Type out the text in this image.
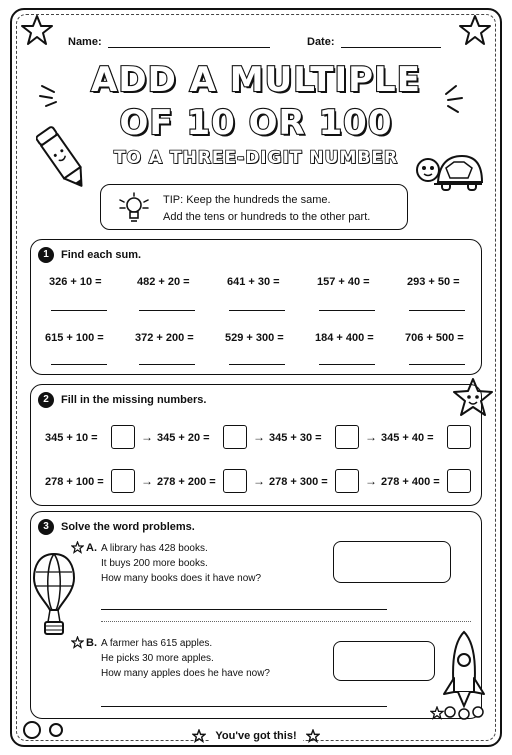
Name:	Date:
ADD A MULTIPLE
OF 10 OR 100
TO A THREE-DIGIT NUMBER
TIP: Keep the hundreds the same.
Add the tens or hundreds to the other part.
1	Find each sum.
326 + 10 =	482 + 20 =	641 + 30 =	157 + 40 =	293 + 50 =
615 + 100 =	372 + 200 =	529 + 300 =	184 + 400 =	706 + 500 =
2	Fill in the missing numbers.
345 + 10 =	→ 345 + 20 =	→ 345 + 30 =	→ 345 + 40 =
278 + 100 =	→ 278 + 200 =	→ 278 + 300 =	→ 278 + 400 =
3	Solve the word problems.
A. A library has 428 books.
It buys 200 more books.
How many books does it have now?
B. A farmer has 615 apples.
He picks 30 more apples.
How many apples does he have now?
You've got this!
